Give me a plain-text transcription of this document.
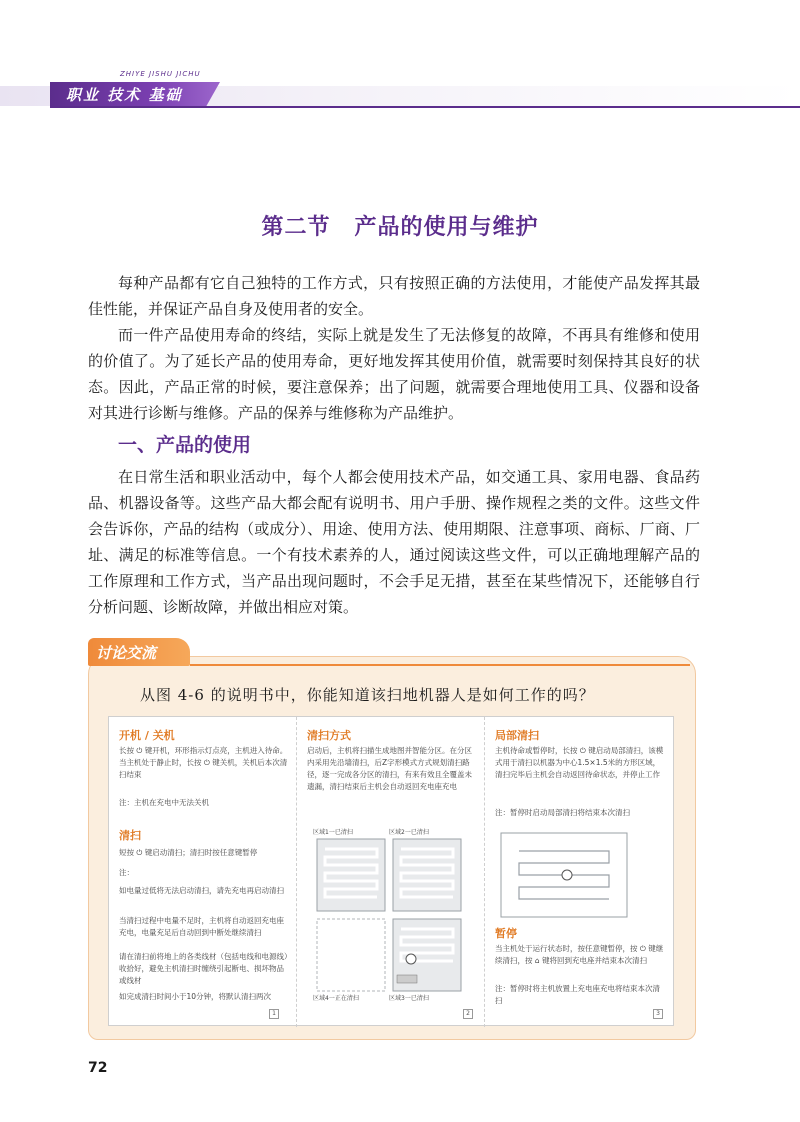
ZHIYE JISHU JICHU
职业 技术 基础
第二节 产品的使用与维护

每种产品都有它自己独特的工作方式，只有按照正确的方法使用，才能使产品发挥其最佳性能，并保证产品自身及使用者的安全。

而一件产品使用寿命的终结，实际上就是发生了无法修复的故障，不再具有维修和使用的价值了。为了延长产品的使用寿命，更好地发挥其使用价值，就需要时刻保持其良好的状态。因此，产品正常的时候，要注意保养；出了问题，就需要合理地使用工具、仪器和设备对其进行诊断与维修。产品的保养与维修称为产品维护。

一、产品的使用

在日常生活和职业活动中，每个人都会使用技术产品，如交通工具、家用电器、食品药品、机器设备等。这些产品大都会配有说明书、用户手册、操作规程之类的文件。这些文件会告诉你，产品的结构（或成分）、用途、使用方法、使用期限、注意事项、商标、厂商、厂址、满足的标准等信息。一个有技术素养的人，通过阅读这些文件，可以正确地理解产品的工作原理和工作方式，当产品出现问题时，不会手足无措，甚至在某些情况下，还能够自行分析问题、诊断故障，并做出相应对策。

讨论交流
从图 4-6 的说明书中，你能知道该扫地机器人是如何工作的吗？
开机 / 关机
长按 ⏻ 键开机，环形指示灯点亮，主机进入待命。当主机处于静止时，长按 ⏻ 键关机，关机后本次清扫结束
注：主机在充电中无法关机
清扫
短按 ⏻ 键启动清扫；清扫时按任意键暂停
注：
如电量过低将无法启动清扫，请先充电再启动清扫
当清扫过程中电量不足时，主机将自动返回充电座充电，电量充足后自动回到中断处继续清扫
请在清扫前将地上的各类线材（包括电线和电源线）收拾好，避免主机清扫时缠绕引起断电、损坏物品或线材
如完成清扫时间小于10分钟，将默认清扫两次
1
清扫方式
启动后，主机将扫描生成地图并智能分区。在分区内采用先沿墙清扫，后Z字形模式方式规划清扫路径，逐一完成各分区的清扫，有来有效且全覆盖未遗漏，清扫结束后主机会自动返回充电座充电
区域1一已清扫	区域2一已清扫
区域4一正在清扫	区域3一已清扫
2
局部清扫
主机待命或暂停时，长按 ⏻ 键启动局部清扫，该模式用于清扫以机器为中心1.5×1.5米的方形区域，清扫完毕后主机会自动返回待命状态，并停止工作
注：暂停时启动局部清扫将结束本次清扫
暂停
当主机处于运行状态时，按任意键暂停，按 ⏻ 键继续清扫，按 ⌂ 键将回到充电座并结束本次清扫
注：暂停时将主机放置上充电座充电将结束本次清扫
3
72
